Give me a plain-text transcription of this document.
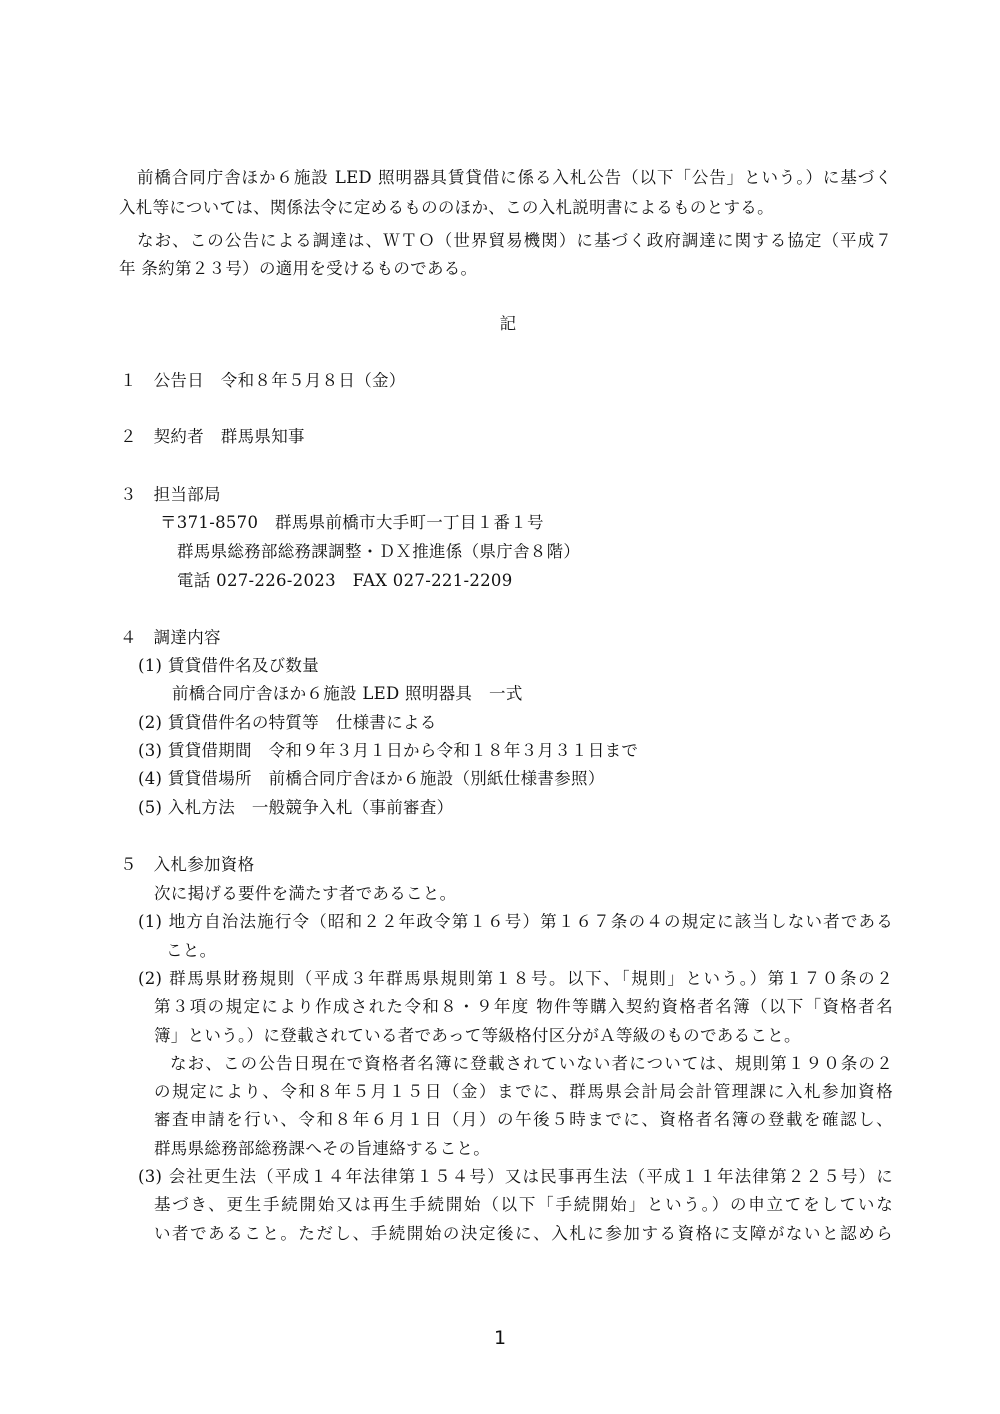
前橋合同庁舎ほか６施設 LED 照明器具賃貸借に係る入札公告（以下「公告」という。）に基づく
入札等については、関係法令に定めるもののほか、この入札説明書によるものとする。
なお、この公告による調達は、ＷＴＯ（世界貿易機関）に基づく政府調達に関する協定（平成７
年 条約第２３号）の適用を受けるものである。
記
１　公告日　令和８年５月８日（金）
２　契約者　群馬県知事
３　担当部局
〒371-8570　群馬県前橋市大手町一丁目１番１号
群馬県総務部総務課調整・ＤＸ推進係（県庁舎８階）
電話 027-226-2023　FAX 027-221-2209
４　調達内容
(1) 賃貸借件名及び数量
前橋合同庁舎ほか６施設 LED 照明器具　一式
(2) 賃貸借件名の特質等　仕様書による
(3) 賃貸借期間　令和９年３月１日から令和１８年３月３１日まで
(4) 賃貸借場所　前橋合同庁舎ほか６施設（別紙仕様書参照）
(5) 入札方法　一般競争入札（事前審査）
５　入札参加資格
次に掲げる要件を満たす者であること。
(1) 地方自治法施行令（昭和２２年政令第１６号）第１６７条の４の規定に該当しない者である
こと。
(2) 群馬県財務規則（平成３年群馬県規則第１８号。以下、「規則」という。）第１７０条の２
第３項の規定により作成された令和８・９年度 物件等購入契約資格者名簿（以下「資格者名
簿」という。）に登載されている者であって等級格付区分がＡ等級のものであること。
なお、この公告日現在で資格者名簿に登載されていない者については、規則第１９０条の２
の規定により、令和８年５月１５日（金）までに、群馬県会計局会計管理課に入札参加資格
審査申請を行い、令和８年６月１日（月）の午後５時までに、資格者名簿の登載を確認し、
群馬県総務部総務課へその旨連絡すること。
(3) 会社更生法（平成１４年法律第１５４号）又は民事再生法（平成１１年法律第２２５号）に
基づき、更生手続開始又は再生手続開始（以下「手続開始」という。）の申立てをしていな
い者であること。ただし、手続開始の決定後に、入札に参加する資格に支障がないと認めら
1
